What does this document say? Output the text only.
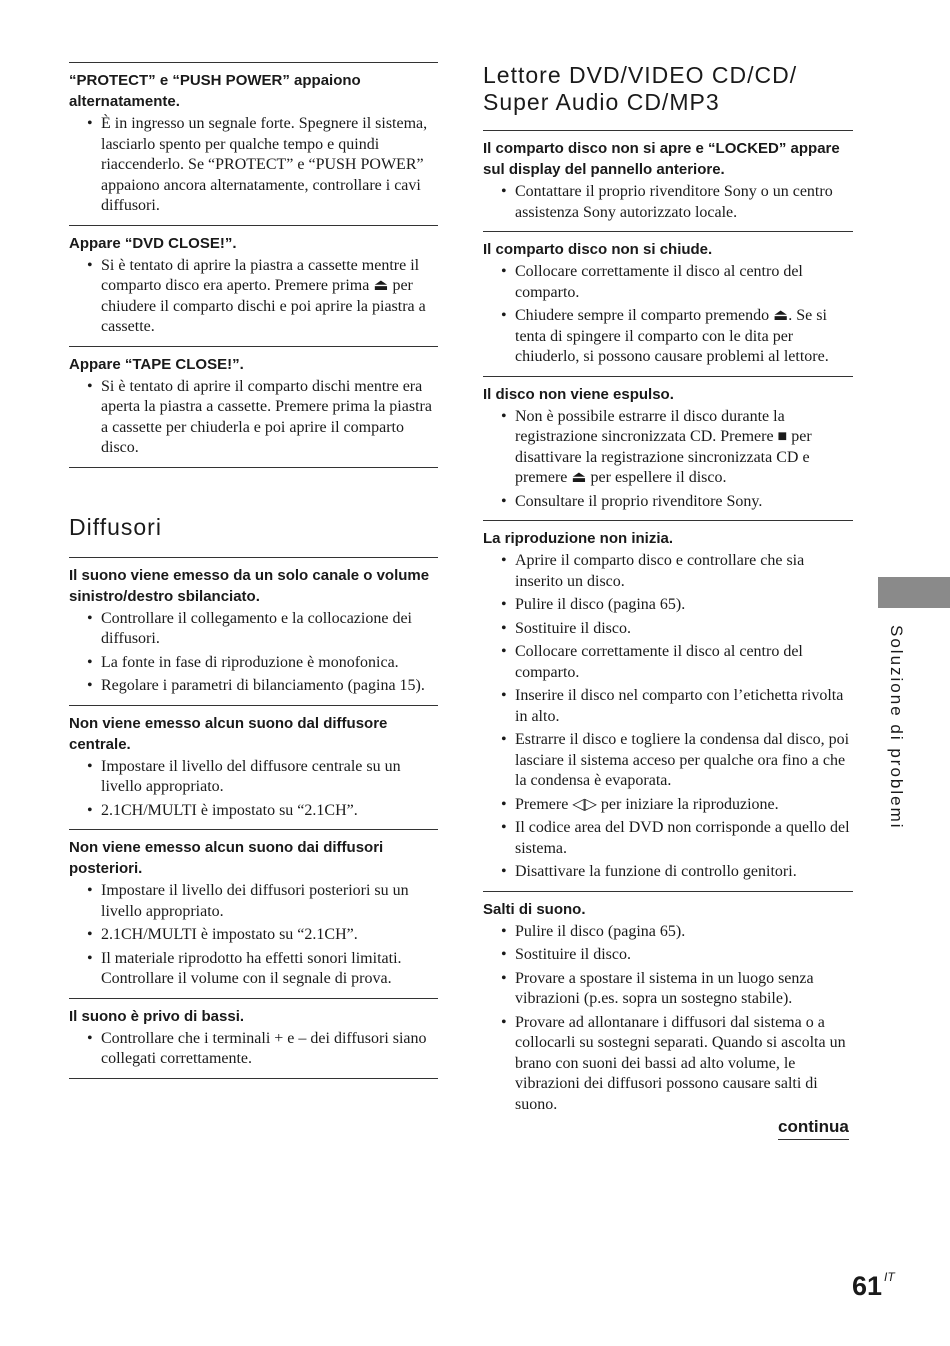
“PROTECT” e “PUSH POWER” appaiono alternatamente.
• È in ingresso un segnale forte. Spegnere il sistema, lasciarlo spento per qualche tempo e quindi riaccenderlo. Se “PROTECT” e “PUSH POWER” appaiono ancora alternatamente, controllare i cavi diffusori.
Appare “DVD CLOSE!”.
• Si è tentato di aprire la piastra a cassette mentre il comparto disco era aperto. Premere prima ⏏ per chiudere il comparto dischi e poi aprire la piastra a cassette.
Appare “TAPE CLOSE!”.
• Si è tentato di aprire il comparto dischi mentre era aperta la piastra a cassette. Premere prima la piastra a cassette per chiuderla e poi aprire il comparto disco.
Diffusori
Il suono viene emesso da un solo canale o volume sinistro/destro sbilanciato.
• Controllare il collegamento e la collocazione dei diffusori.
• La fonte in fase di riproduzione è monofonica.
• Regolare i parametri di bilanciamento (pagina 15).
Non viene emesso alcun suono dal diffusore centrale.
• Impostare il livello del diffusore centrale su un livello appropriato.
• 2.1CH/MULTI è impostato su “2.1CH”.
Non viene emesso alcun suono dai diffusori posteriori.
• Impostare il livello dei diffusori posteriori su un livello appropriato.
• 2.1CH/MULTI è impostato su “2.1CH”.
• Il materiale riprodotto ha effetti sonori limitati. Controllare il volume con il segnale di prova.
Il suono è privo di bassi.
• Controllare che i terminali + e – dei diffusori siano collegati correttamente.
Lettore DVD/VIDEO CD/CD/ Super Audio CD/MP3
Il comparto disco non si apre e “LOCKED” appare sul display del pannello anteriore.
• Contattare il proprio rivenditore Sony o un centro assistenza Sony autorizzato locale.
Il comparto disco non si chiude.
• Collocare correttamente il disco al centro del comparto.
• Chiudere sempre il comparto premendo ⏏. Se si tenta di spingere il comparto con le dita per chiuderlo, si possono causare problemi al lettore.
Il disco non viene espulso.
• Non è possibile estrarre il disco durante la registrazione sincronizzata CD. Premere ■ per disattivare la registrazione sincronizzata CD e premere ⏏ per espellere il disco.
• Consultare il proprio rivenditore Sony.
La riproduzione non inizia.
• Aprire il comparto disco e controllare che sia inserito un disco.
• Pulire il disco (pagina 65).
• Sostituire il disco.
• Collocare correttamente il disco al centro del comparto.
• Inserire il disco nel comparto con l’etichetta rivolta in alto.
• Estrarre il disco e togliere la condensa dal disco, poi lasciare il sistema acceso per qualche ora fino a che la condensa è evaporata.
• Premere ◁▷ per iniziare la riproduzione.
• Il codice area del DVD non corrisponde a quello del sistema.
• Disattivare la funzione di controllo genitori.
Salti di suono.
• Pulire il disco (pagina 65).
• Sostituire il disco.
• Provare a spostare il sistema in un luogo senza vibrazioni (p.es. sopra un sostegno stabile).
• Provare ad allontanare i diffusori dal sistema o a collocarli su sostegni separati. Quando si ascolta un brano con suoni dei bassi ad alto volume, le vibrazioni dei diffusori possono causare salti di suono.
continua
Soluzione di problemi
61 $^{IT}$
